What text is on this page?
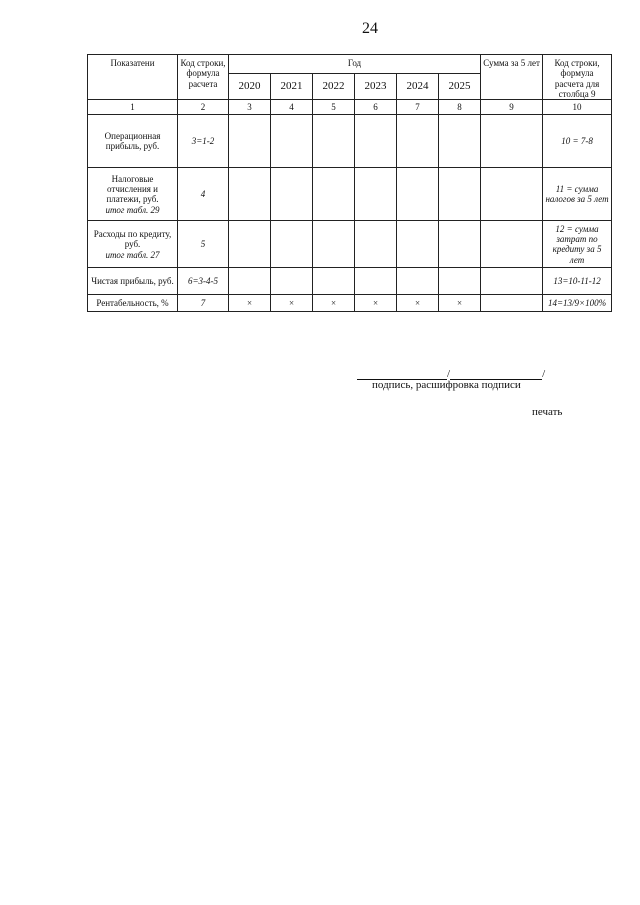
24
Показатени	Код строки, формула расчета	Год						Сумма за 5 лет	Код строки, формула расчета для столбца 9
		2020	2021	2022	2023	2024	2025		
1	2	3	4	5	6	7	8	9	10
Операционная прибыль, руб.	3=1-2								10 = 7-8
Налоговые отчисления и платежи, руб.
итог табл. 29	4								11 = сумма налогов за 5 лет
Расходы по кредиту, руб.
итог табл. 27	5								12 = сумма затрат по кредиту за 5 лет
Чистая прибыль, руб.	6=3-4-5								13=10-11-12
Рентабельность, %	7	×	×	×	×	×	×		14=13/9×100%
/	/
подпись, расшифровка подписи
печать
